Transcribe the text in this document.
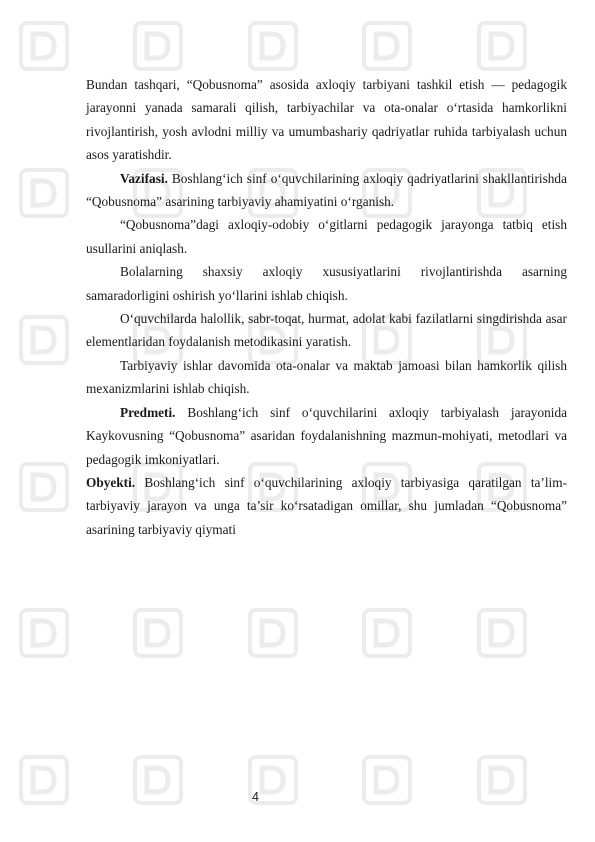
Bundan tashqari, “Qobusnoma” asosida axloqiy tarbiyani tashkil etish — pedagogik jarayonni yanada samarali qilish, tarbiyachilar va ota-onalar o‘rtasida hamkorlikni rivojlantirish, yosh avlodni milliy va umumbashariy qadriyatlar ruhida tarbiyalash uchun asos yaratishdir.

Vazifasi. Boshlang‘ich sinf o‘quvchilarining axloqiy qadriyatlarini shakllantirishda “Qobusnoma” asarining tarbiyaviy ahamiyatini o‘rganish.

“Qobusnoma”dagi axloqiy-odobiy o‘gitlarni pedagogik jarayonga tatbiq etish usullarini aniqlash.

Bolalarning shaxsiy axloqiy xususiyatlarini rivojlantirishda asarning samaradorligini oshirish yo‘llarini ishlab chiqish.

O‘quvchilarda halollik, sabr-toqat, hurmat, adolat kabi fazilatlarni singdirishda asar elementlaridan foydalanish metodikasini yaratish.

Tarbiyaviy ishlar davomida ota-onalar va maktab jamoasi bilan hamkorlik qilish mexanizmlarini ishlab chiqish.

Predmeti. Boshlang‘ich sinf o‘quvchilarini axloqiy tarbiyalash jarayonida Kaykovusning “Qobusnoma” asaridan foydalanishning mazmun-mohiyati, metodlari va pedagogik imkoniyatlari.

Obyekti. Boshlang‘ich sinf o‘quvchilarining axloqiy tarbiyasiga qaratilgan ta’lim-tarbiyaviy jarayon va unga ta’sir ko‘rsatadigan omillar, shu jumladan “Qobusnoma” asarining tarbiyaviy qiymati

4
